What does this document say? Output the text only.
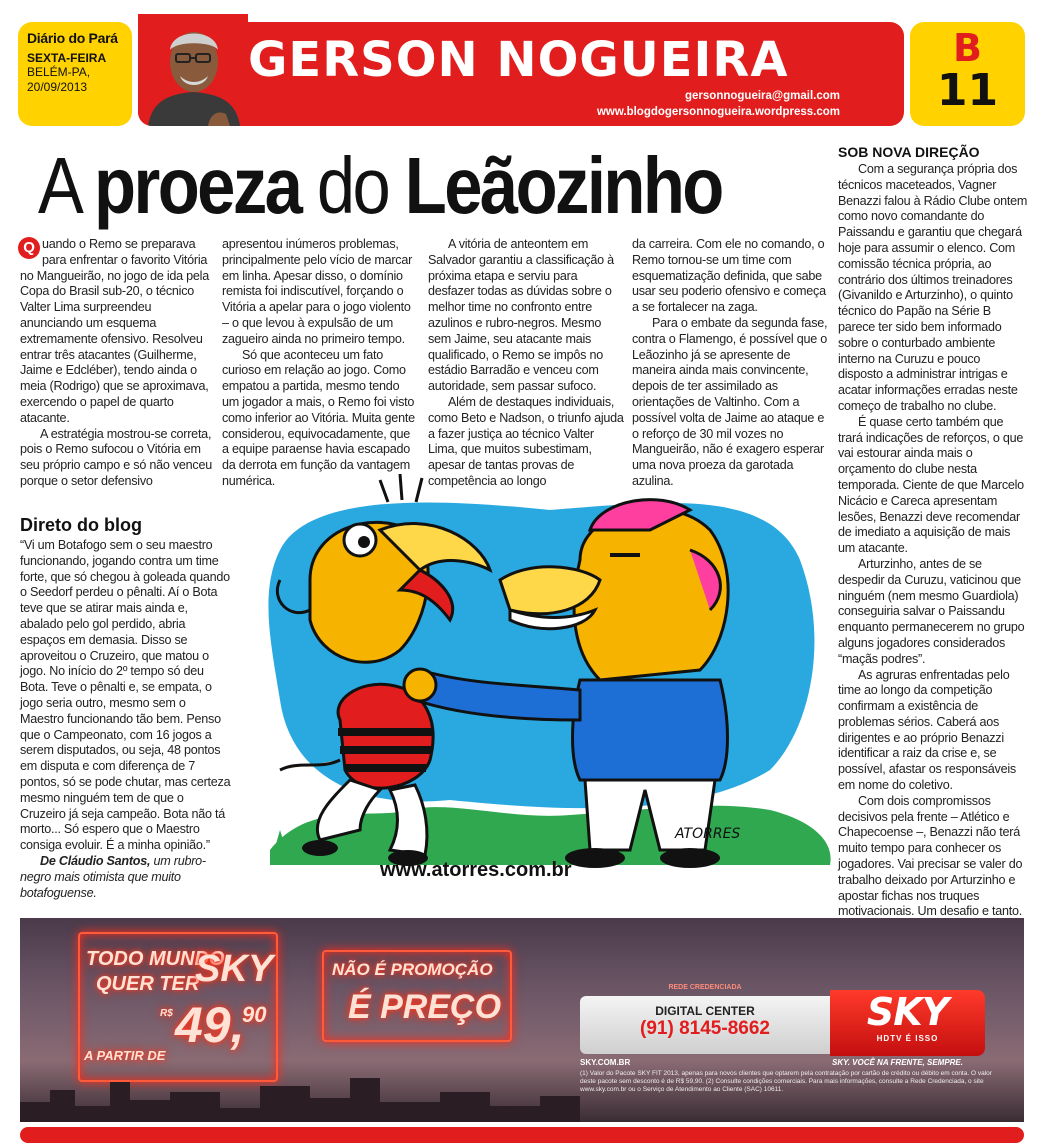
Diário do Pará
SEXTA-FEIRA
BELÉM-PA,
20/09/2013	GERSON NOGUEIRA
gersonnogueira@gmail.com
www.blogdogersonnogueira.wordpress.com
B
11
A proeza do Leãozinho

Q uando o Remo se preparava para enfrentar o favorito Vitória no Mangueirão, no jogo de ida pela Copa do Brasil sub-20, o técnico Valter Lima surpreendeu anunciando um esquema extremamente ofensivo. Resolveu entrar três atacantes (Guilherme, Jaime e Edcléber), tendo ainda o meia (Rodrigo) que se aproximava, exercendo o papel de quarto atacante.

A estratégia mostrou-se correta, pois o Remo sufocou o Vitória em seu próprio campo e só não venceu porque o setor defensivo

apresentou inúmeros problemas, principalmente pelo vício de marcar em linha. Apesar disso, o domínio remista foi indiscutível, forçando o Vitória a apelar para o jogo violento – o que levou à expulsão de um zagueiro ainda no primeiro tempo.

Só que aconteceu um fato curioso em relação ao jogo. Como empatou a partida, mesmo tendo um jogador a mais, o Remo foi visto como inferior ao Vitória. Muita gente considerou, equivocadamente, que a equipe paraense havia escapado da derrota em função da vantagem numérica.

A vitória de anteontem em Salvador garantiu a classificação à próxima etapa e serviu para desfazer todas as dúvidas sobre o melhor time no confronto entre azulinos e rubro-negros. Mesmo sem Jaime, seu atacante mais qualificado, o Remo se impôs no estádio Barradão e venceu com autoridade, sem passar sufoco.

Além de destaques individuais, como Beto e Nadson, o triunfo ajuda a fazer justiça ao técnico Valter Lima, que muitos subestimam, apesar de tantas provas de competência ao longo

da carreira. Com ele no comando, o Remo tornou-se um time com esquematização definida, que sabe usar seu poderio ofensivo e começa a se fortalecer na zaga.

Para o embate da segunda fase, contra o Flamengo, é possível que o Leãozinho já se apresente de maneira ainda mais convincente, depois de ter assimilado as orientações de Valtinho. Com a possível volta de Jaime ao ataque e o reforço de 30 mil vozes no Mangueirão, não é exagero esperar uma nova proeza da garotada azulina.

Direto do blog

“Vi um Botafogo sem o seu maestro funcionando, jogando contra um time forte, que só chegou à goleada quando o Seedorf perdeu o pênalti. Aí o Bota teve que se atirar mais ainda e, abalado pelo gol perdido, abria espaços em demasia. Disso se aproveitou o Cruzeiro, que matou o jogo. No início do 2º tempo só deu Bota. Teve o pênalti e, se empata, o jogo seria outro, mesmo sem o Maestro funcionando tão bem. Penso que o Campeonato, com 16 jogos a serem disputados, ou seja, 48 pontos em disputa e com diferença de 7 pontos, só se pode chutar, mas certeza mesmo ninguém tem de que o Cruzeiro já seja campeão. Bota não tá morto... Só espero que o Maestro consiga evoluir. É a minha opinião.”

De Cláudio Santos, um rubro-negro mais otimista que muito botafoguense.

SOB NOVA DIREÇÃO

Com a segurança própria dos técnicos maceteados, Vagner Benazzi falou à Rádio Clube ontem como novo comandante do Paissandu e garantiu que chegará hoje para assumir o elenco. Com comissão técnica própria, ao contrário dos últimos treinadores (Givanildo e Arturzinho), o quinto técnico do Papão na Série B parece ter sido bem informado sobre o conturbado ambiente interno na Curuzu e pouco disposto a administrar intrigas e acatar informações erradas neste começo de trabalho no clube.

É quase certo também que trará indicações de reforços, o que vai estourar ainda mais o orçamento do clube nesta temporada. Ciente de que Marcelo Nicácio e Careca apresentam lesões, Benazzi deve recomendar de imediato a aquisição de mais um atacante.

Arturzinho, antes de se despedir da Curuzu, vaticinou que ninguém (nem mesmo Guardiola) conseguiria salvar o Paissandu enquanto permanecerem no grupo alguns jogadores considerados “maçãs podres”.

As agruras enfrentadas pelo time ao longo da competição confirmam a existência de problemas sérios. Caberá aos dirigentes e ao próprio Benazzi identificar a raiz da crise e, se possível, afastar os responsáveis em nome do coletivo.

Com dois compromissos decisivos pela frente – Atlético e Chapecoense –, Benazzi não terá muito tempo para conhecer os jogadores. Vai precisar se valer do trabalho deixado por Arturzinho e apostar fichas nos truques motivacionais. Um desafio e tanto.

ATORRES
www.atorres.com.br
TODO MUNDO
QUER TER
SKY
A PARTIR DE
R$ 49,
90
NÃO É PROMOÇÃO
É PREÇO
REDE CREDENCIADA
DIGITAL CENTER
(91) 8145-8662	SKY
HDTV É ISSO
SKY.COM.BR	SKY. VOCÊ NA FRENTE, SEMPRE.
(1) Valor do Pacote SKY FIT 2013, apenas para novos clientes que optarem pela contratação por cartão de crédito ou débito em conta. O valor deste pacote sem desconto é de R$ 59,90. (2) Consulte condições comerciais. Para mais informações, consulte a Rede Credenciada, o site www.sky.com.br ou o Serviço de Atendimento ao Cliente (SAC) 10611.
